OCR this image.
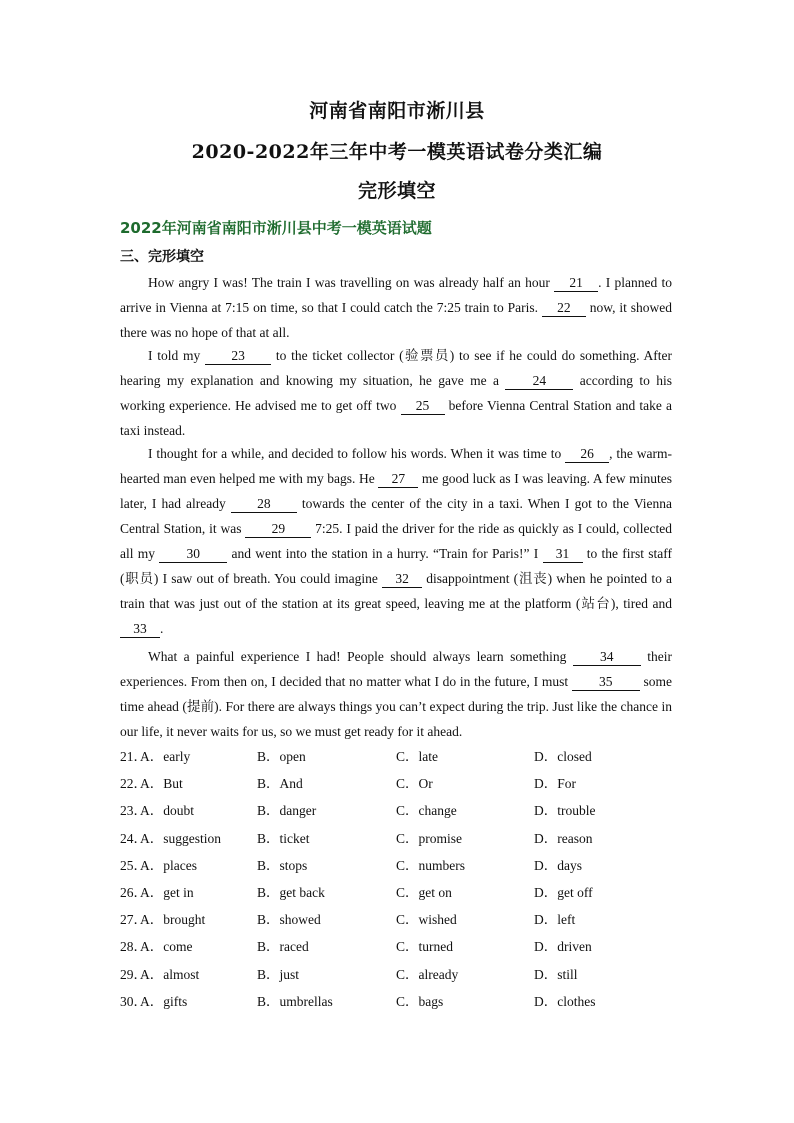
河南省南阳市淅川县
2020-2022年三年中考一模英语试卷分类汇编
完形填空
2022年河南省南阳市淅川县中考一模英语试题
三、完形填空
How angry I was! The train I was travelling on was already half an hour 21 . I planned to arrive in Vienna at 7:15 on time, so that I could catch the 7:25 train to Paris. 22 now, it showed there was no hope of that at all.
I told my 23 to the ticket collector (验票员) to see if he could do something. After hearing my explanation and knowing my situation, he gave me a 24 according to his working experience. He advised me to get off two 25 before Vienna Central Station and take a taxi instead.
I thought for a while, and decided to follow his words. When it was time to 26 , the warm-hearted man even helped me with my bags. He 27 me good luck as I was leaving. A few minutes later, I had already 28 towards the center of the city in a taxi. When I got to the Vienna Central Station, it was 29 7:25. I paid the driver for the ride as quickly as I could, collected all my 30 and went into the station in a hurry. “Train for Paris!” I 31 to the first staff (职员) I saw out of breath. You could imagine 32 disappointment (沮丧) when he pointed to a train that was just out of the station at its great speed, leaving me at the platform (站台), tired and 33 .
What a painful experience I had! People should always learn something 34 their experiences. From then on, I decided that no matter what I do in the future, I must 35 some time ahead (提前). For there are always things you can’t expect during the trip. Just like the chance in our life, it never waits for us, so we must get ready for it ahead.
21．
A．early	B．open	C．late	D．closed
22．
A．But	B．And	C．Or	D．For
23．
A．doubt	B．danger	C．change	D．trouble
24．
A．suggestion	B．ticket	C．promise	D．reason
25．
A．places	B．stops	C．numbers	D．days
26．
A．get in	B．get back	C．get on	D．get off
27．
A．brought	B．showed	C．wished	D．left
28．
A．come	B．raced	C．turned	D．driven
29．
A．almost	B．just	C．already	D．still
30．
A．gifts	B．umbrellas	C．bags	D．clothes
